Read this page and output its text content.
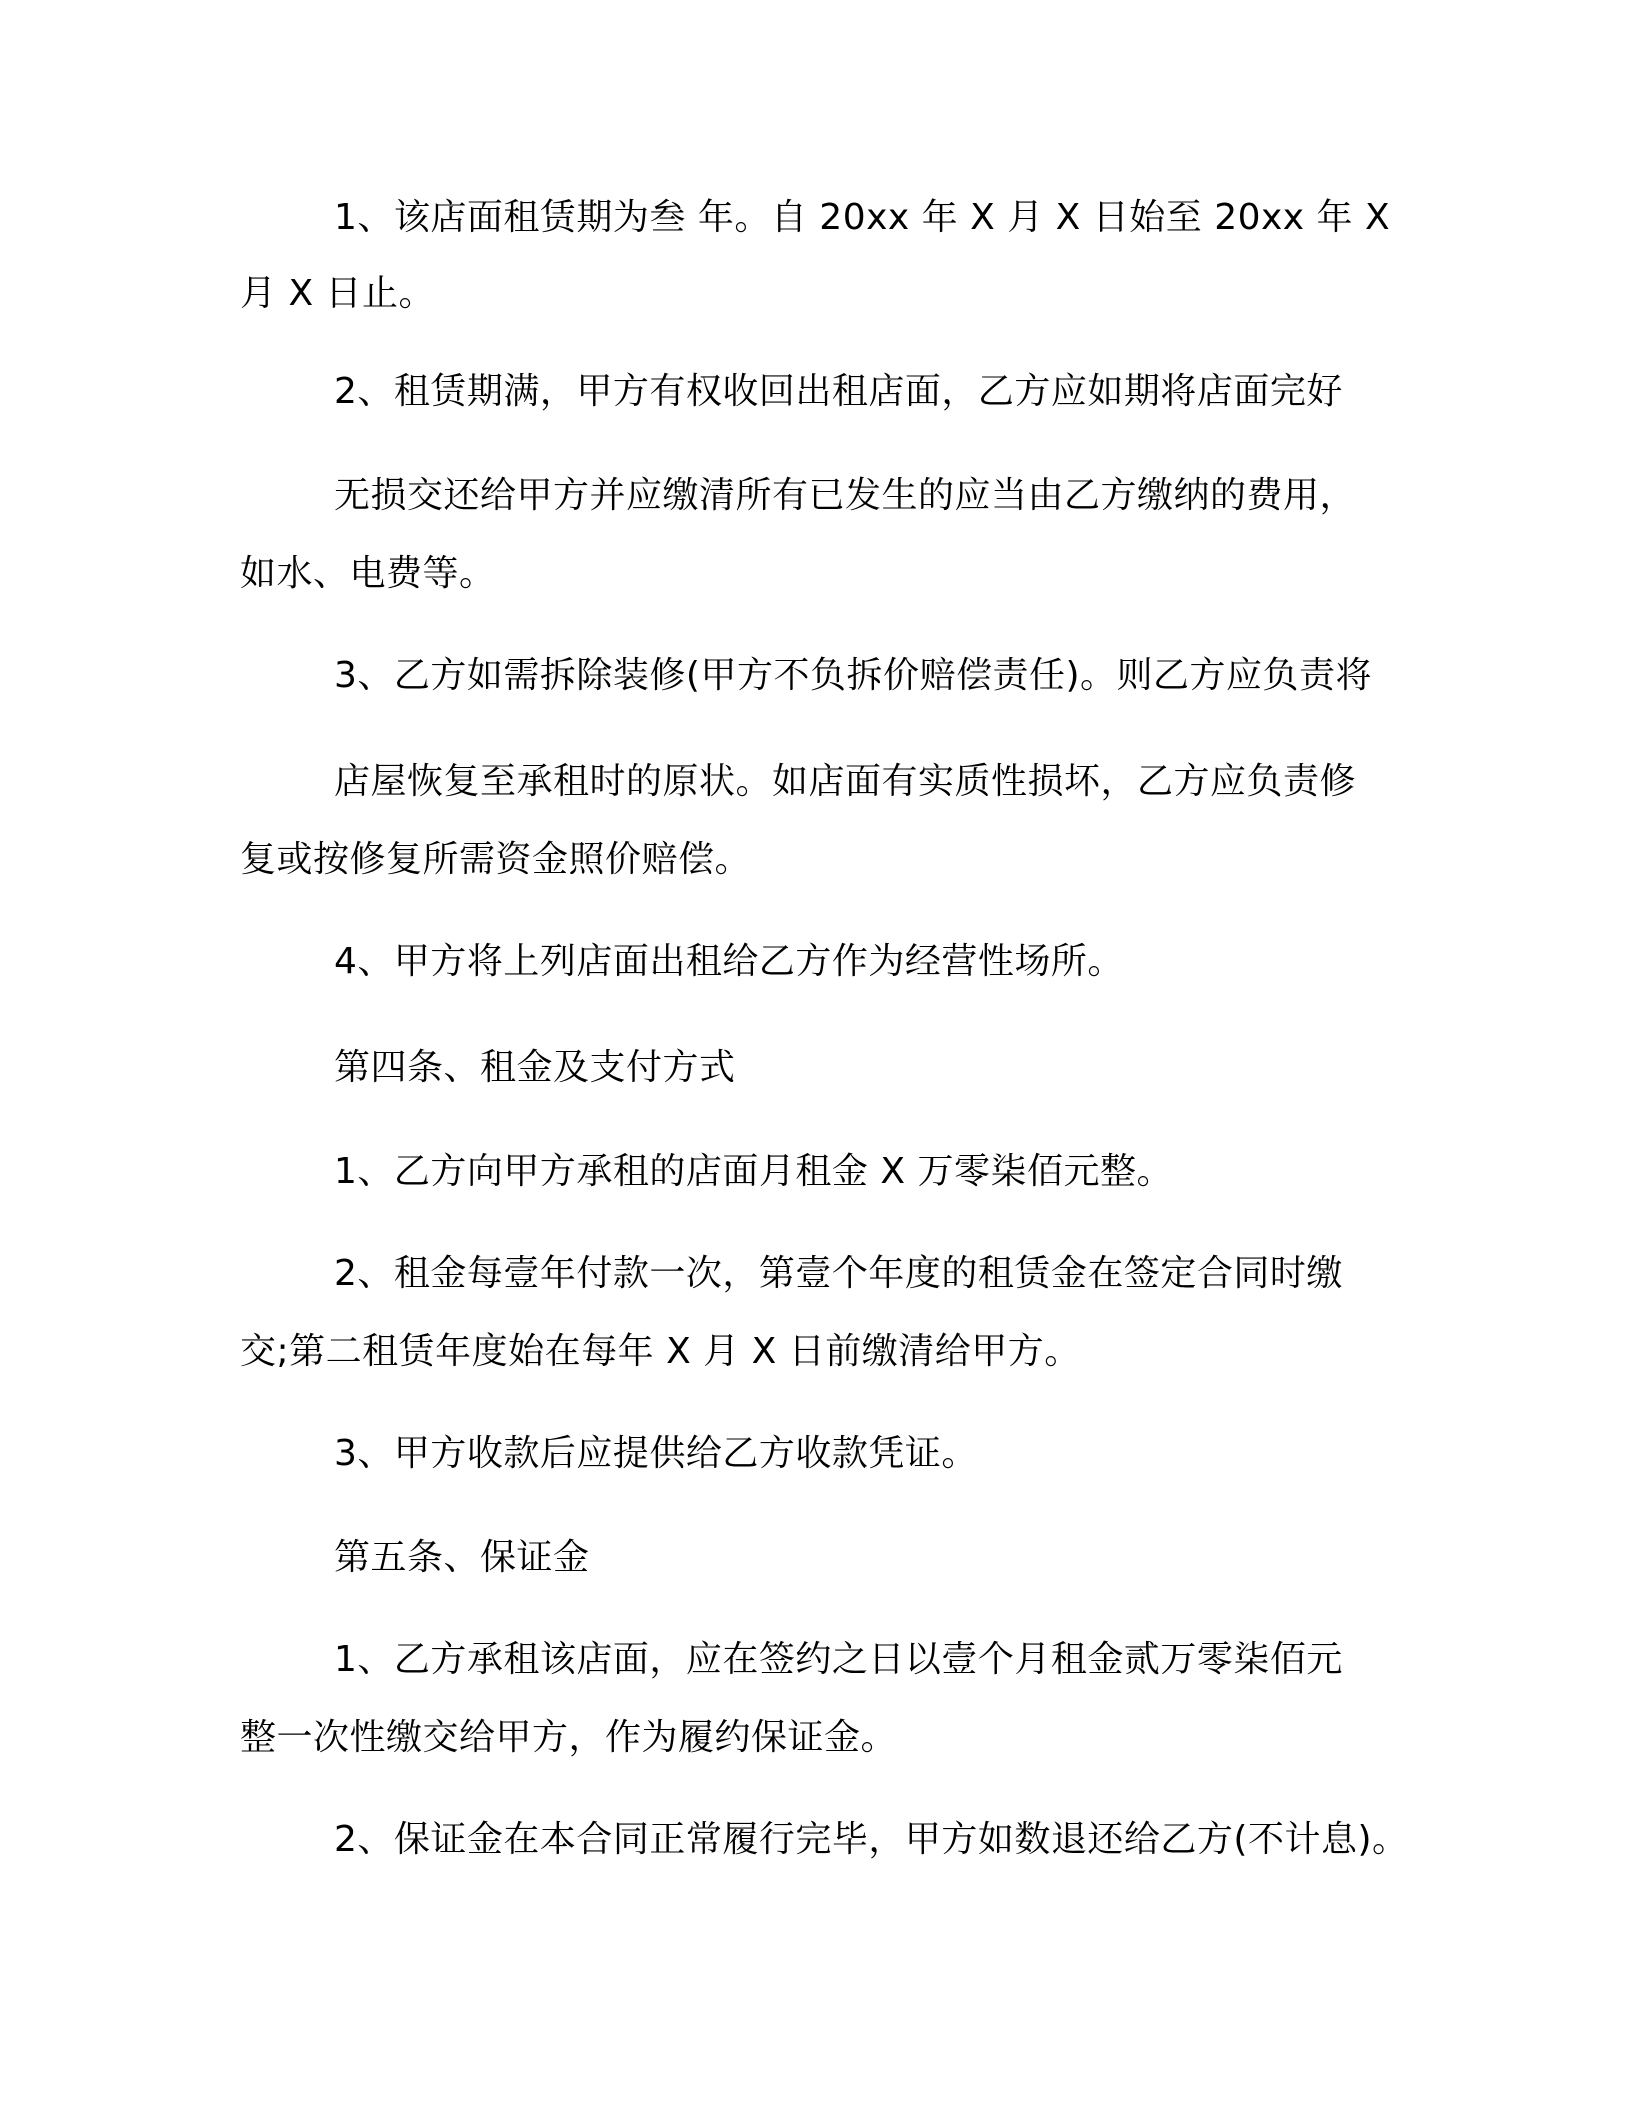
1、该店面租赁期为叁 年。自 20xx 年 X 月 X 日始至 20xx 年 X
月 X 日止。
2、租赁期满，甲方有权收回出租店面，乙方应如期将店面完好
无损交还给甲方并应缴清所有已发生的应当由乙方缴纳的费用，
如水、电费等。
3、乙方如需拆除装修(甲方不负拆价赔偿责任)。则乙方应负责将
店屋恢复至承租时的原状。如店面有实质性损坏，乙方应负责修
复或按修复所需资金照价赔偿。
4、甲方将上列店面出租给乙方作为经营性场所。
第四条、租金及支付方式
1、乙方向甲方承租的店面月租金 X 万零柒佰元整。
2、租金每壹年付款一次，第壹个年度的租赁金在签定合同时缴
交;第二租赁年度始在每年 X 月 X 日前缴清给甲方。
3、甲方收款后应提供给乙方收款凭证。
第五条、保证金
1、乙方承租该店面，应在签约之日以壹个月租金贰万零柒佰元
整一次性缴交给甲方，作为履约保证金。
2、保证金在本合同正常履行完毕，甲方如数退还给乙方(不计息)。
